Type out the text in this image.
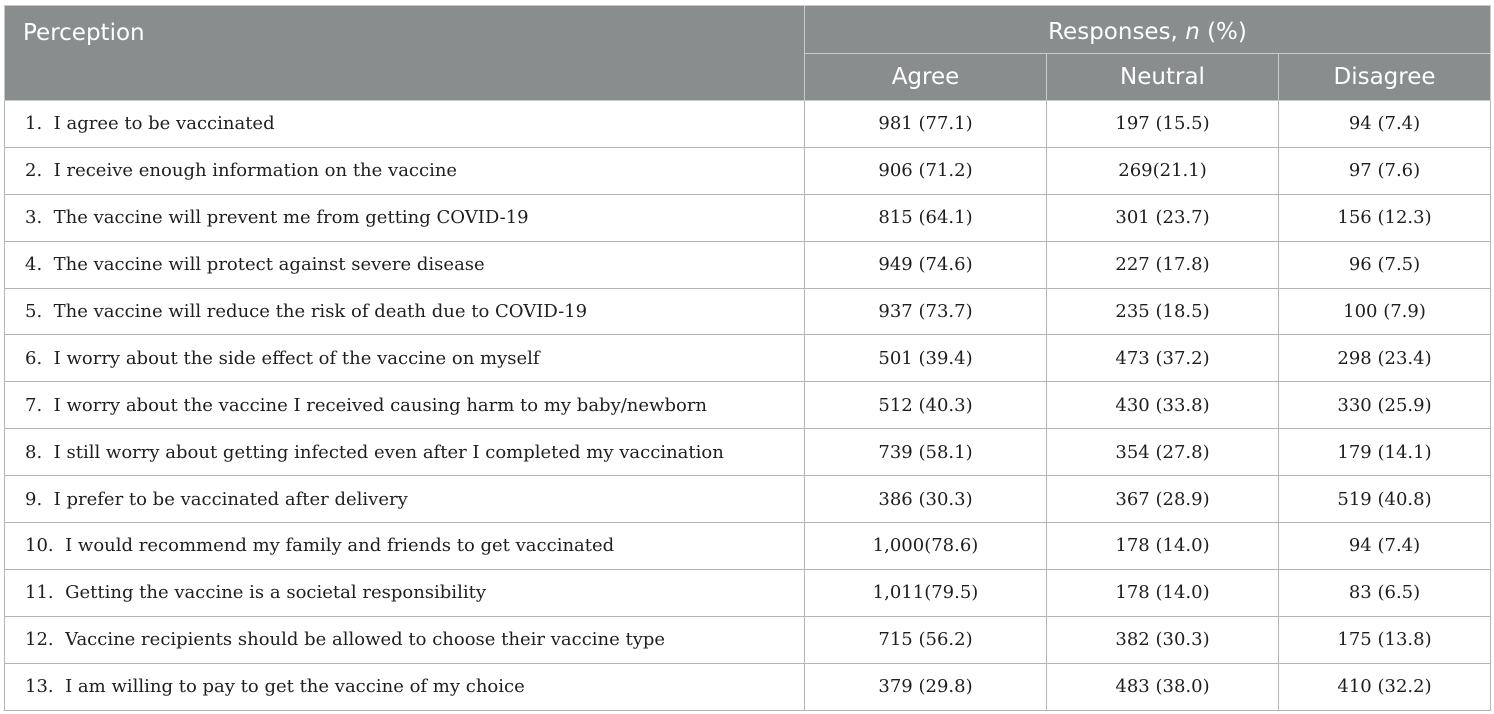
Perception	Responses, n (%)		
	Agree	Neutral	Disagree
1. I agree to be vaccinated	981 (77.1)	197 (15.5)	94 (7.4)
2. I receive enough information on the vaccine	906 (71.2)	269(21.1)	97 (7.6)
3. The vaccine will prevent me from getting COVID-19	815 (64.1)	301 (23.7)	156 (12.3)
4. The vaccine will protect against severe disease	949 (74.6)	227 (17.8)	96 (7.5)
5. The vaccine will reduce the risk of death due to COVID-19	937 (73.7)	235 (18.5)	100 (7.9)
6. I worry about the side effect of the vaccine on myself	501 (39.4)	473 (37.2)	298 (23.4)
7. I worry about the vaccine I received causing harm to my baby/newborn	512 (40.3)	430 (33.8)	330 (25.9)
8. I still worry about getting infected even after I completed my vaccination	739 (58.1)	354 (27.8)	179 (14.1)
9. I prefer to be vaccinated after delivery	386 (30.3)	367 (28.9)	519 (40.8)
10. I would recommend my family and friends to get vaccinated	1,000(78.6)	178 (14.0)	94 (7.4)
11. Getting the vaccine is a societal responsibility	1,011(79.5)	178 (14.0)	83 (6.5)
12. Vaccine recipients should be allowed to choose their vaccine type	715 (56.2)	382 (30.3)	175 (13.8)
13. I am willing to pay to get the vaccine of my choice	379 (29.8)	483 (38.0)	410 (32.2)
